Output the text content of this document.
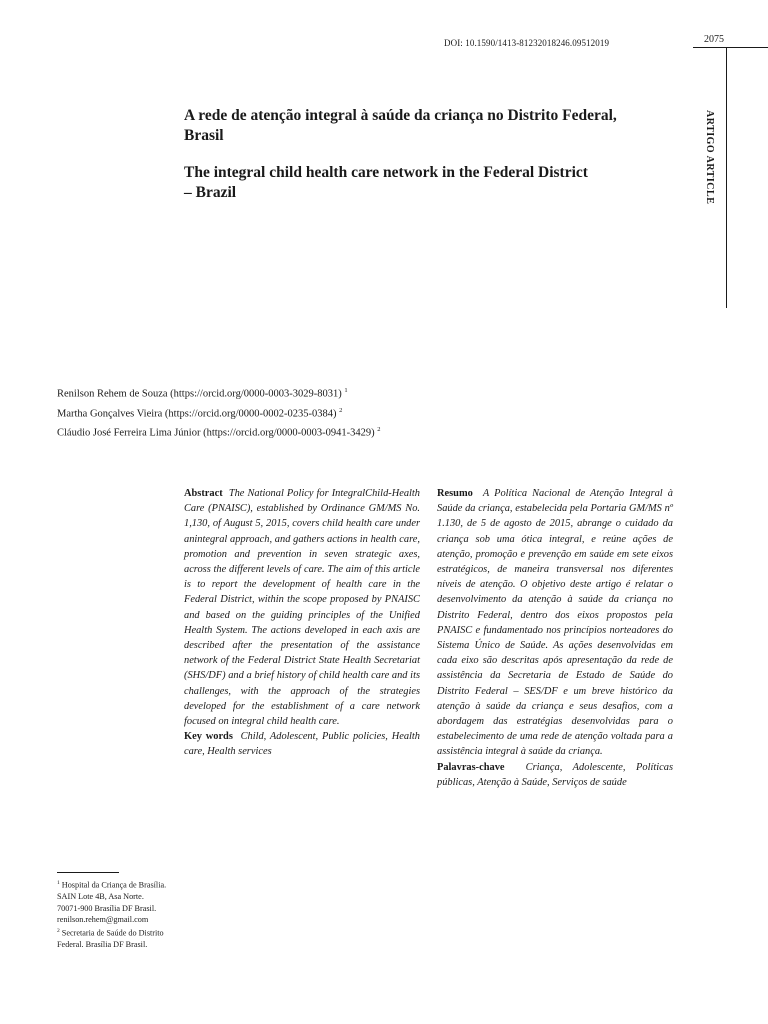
DOI: 10.1590/1413-81232018246.09512019	2075
ARTIGO ARTICLE
A rede de atenção integral à saúde da criança no Distrito Federal, Brasil
The integral child health care network in the Federal District – Brazil
Renilson Rehem de Souza (https://orcid.org/0000-0003-3029-8031) $^1$
Martha Gonçalves Vieira (https://orcid.org/0000-0002-0235-0384) $^2$
Cláudio José Ferreira Lima Júnior (https://orcid.org/0000-0003-0941-3429) $^2$

Abstract The National Policy for IntegralChild-Health Care (PNAISC), established by Ordinance GM/MS No. 1,130, of August 5, 2015, covers child health care under anintegral approach, and gathers actions in health care, promotion and prevention in seven strategic axes, across the different levels of care. The aim of this article is to report the development of health care in the Federal District, within the scope proposed by PNAISC and based on the guiding principles of the Unified Health System. The actions developed in each axis are described after the presentation of the assistance network of the Federal District State Health Secretariat (SHS/DF) and a brief history of child health care and its challenges, with the approach of the strategies developed for the establishment of a care network focused on integral child health care.

Key words Child, Adolescent, Public policies, Health care, Health services

Resumo A Política Nacional de Atenção Integral à Saúde da criança, estabelecida pela Portaria GM/MS nº 1.130, de 5 de agosto de 2015, abrange o cuidado da criança sob uma ótica integral, e reúne ações de atenção, promoção e prevenção em saúde em sete eixos estratégicos, de maneira transversal nos diferentes níveis de atenção. O objetivo deste artigo é relatar o desenvolvimento da atenção à saúde da criança no Distrito Federal, dentro dos eixos propostos pela PNAISC e fundamentado nos princípios norteadores do Sistema Único de Saúde. As ações desenvolvidas em cada eixo são descritas após apresentação da rede de assistência da Secretaria de Estado de Saúde do Distrito Federal – SES/DF e um breve histórico da atenção à saúde da criança e seus desafios, com a abordagem das estratégias desenvolvidas para o estabelecimento de uma rede de atenção voltada para a assistência integral à saúde da criança.

Palavras-chave Criança, Adolescente, Políticas públicas, Atenção à Saúde, Serviços de saúde

$^1$ Hospital da Criança de Brasília. SAIN Lote 4B, Asa Norte. 70071-900 Brasília DF Brasil. renilson.rehem@gmail.com

$^2$ Secretaria de Saúde do Distrito Federal. Brasília DF Brasil.
